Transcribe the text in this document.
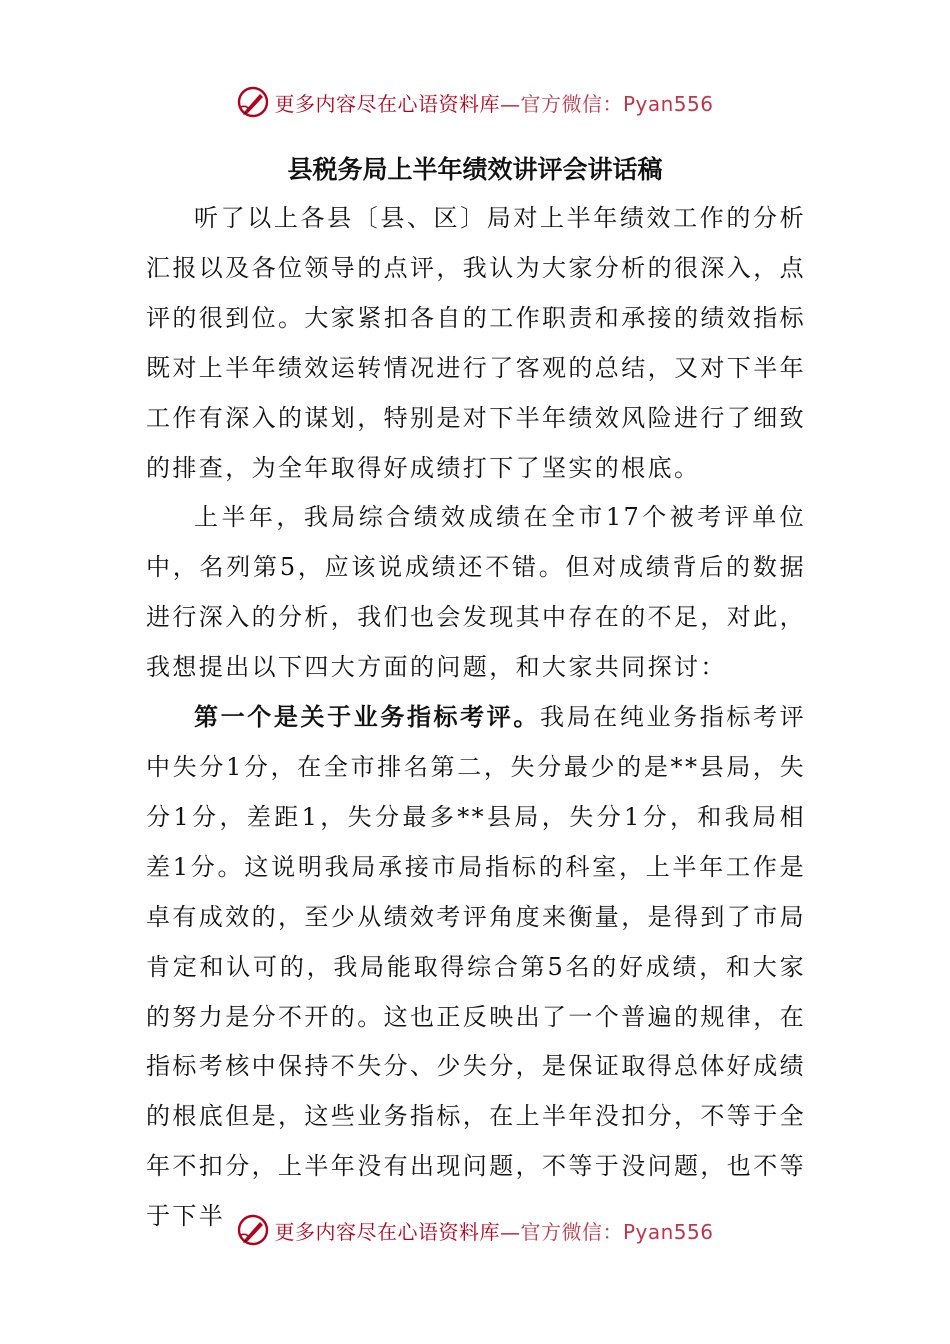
更多内容尽在心语资料库—官方微信：Pyan556
县税务局上半年绩效讲评会讲话稿

听了以上各县〔县、区〕局对上半年绩效工作的分析汇报以及各位领导的点评，我认为大家分析的很深入，点评的很到位。大家紧扣各自的工作职责和承接的绩效指标既对上半年绩效运转情况进行了客观的总结，又对下半年工作有深入的谋划，特别是对下半年绩效风险进行了细致的排查，为全年取得好成绩打下了坚实的根底。

上半年，我局综合绩效成绩在全市17个被考评单位中，名列第5，应该说成绩还不错。但对成绩背后的数据进行深入的分析，我们也会发现其中存在的不足，对此，我想提出以下四大方面的问题，和大家共同探讨：

第一个是关于业务指标考评。我局在纯业务指标考评中失分1分，在全市排名第二，失分最少的是**县局，失分1分，差距1，失分最多**县局，失分1分，和我局相差1分。这说明我局承接市局指标的科室，上半年工作是卓有成效的，至少从绩效考评角度来衡量，是得到了市局肯定和认可的，我局能取得综合第5名的好成绩，和大家的努力是分不开的。这也正反映出了一个普遍的规律，在指标考核中保持不失分、少失分，是保证取得总体好成绩的根底但是，这些业务指标，在上半年没扣分，不等于全年不扣分，上半年没有出现问题，不等于没问题，也不等于下半

更多内容尽在心语资料库—官方微信：Pyan556
